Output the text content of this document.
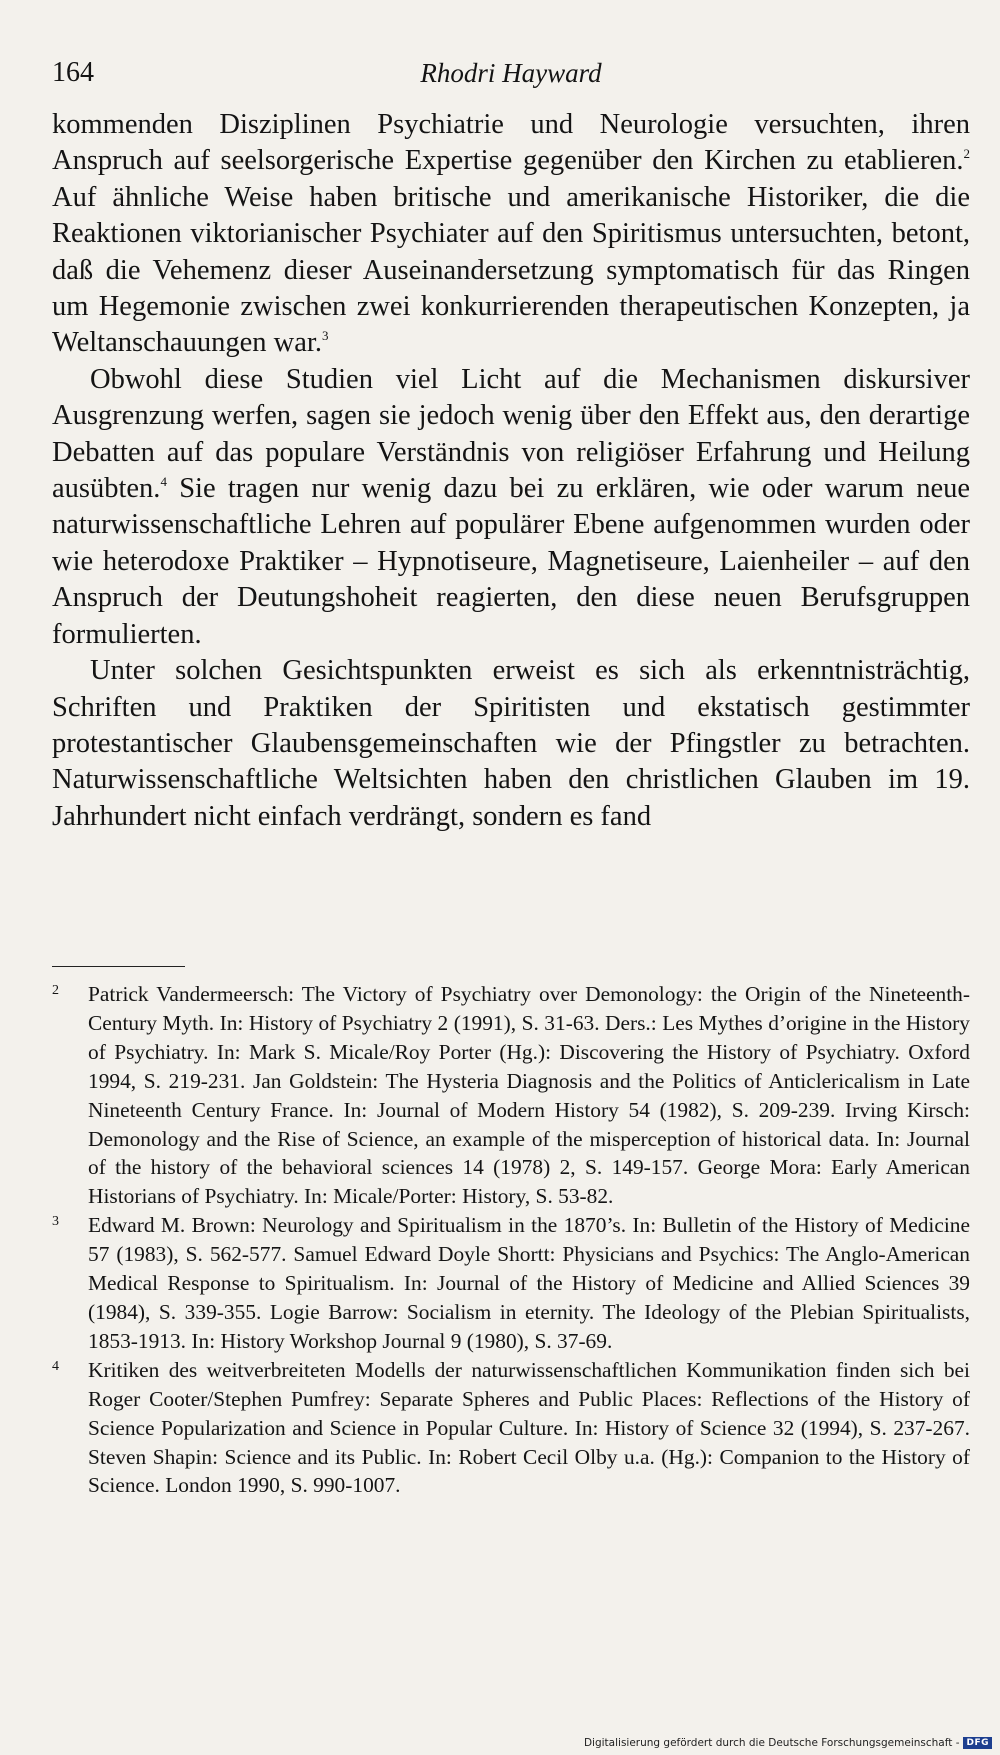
164	Rhodri Hayward

kommenden Disziplinen Psychiatrie und Neurologie versuchten, ihren Anspruch auf seelsorgerische Expertise gegenüber den Kirchen zu etablieren.$^2$ Auf ähnliche Weise haben britische und amerikanische Historiker, die die Reaktionen viktorianischer Psychiater auf den Spiritismus untersuchten, betont, daß die Vehemenz dieser Auseinandersetzung symptomatisch für das Ringen um Hegemonie zwischen zwei konkurrierenden therapeutischen Konzepten, ja Weltanschauungen war.$^3$

Obwohl diese Studien viel Licht auf die Mechanismen diskursiver Ausgrenzung werfen, sagen sie jedoch wenig über den Effekt aus, den derartige Debatten auf das populare Verständnis von religiöser Erfahrung und Heilung ausübten.$^4$ Sie tragen nur wenig dazu bei zu erklären, wie oder warum neue naturwissenschaftliche Lehren auf populärer Ebene aufgenommen wurden oder wie heterodoxe Praktiker – Hypnotiseure, Magnetiseure, Laienheiler – auf den Anspruch der Deutungshoheit reagierten, den diese neuen Berufsgruppen formulierten.

Unter solchen Gesichtspunkten erweist es sich als erkenntnisträchtig, Schriften und Praktiken der Spiritisten und ekstatisch gestimmter protestantischer Glaubensgemeinschaften wie der Pfingstler zu betrachten. Naturwissenschaftliche Weltsichten haben den christlichen Glauben im 19. Jahrhundert nicht einfach verdrängt, sondern es fand

2 Patrick Vandermeersch: The Victory of Psychiatry over Demonology: the Origin of the Nineteenth-Century Myth. In: History of Psychiatry 2 (1991), S. 31-63. Ders.: Les Mythes d’origine in the History of Psychiatry. In: Mark S. Micale/Roy Porter (Hg.): Discovering the History of Psychiatry. Oxford 1994, S. 219-231. Jan Goldstein: The Hysteria Diagnosis and the Politics of Anticlericalism in Late Nineteenth Century France. In: Journal of Modern History 54 (1982), S. 209-239. Irving Kirsch: Demonology and the Rise of Science, an example of the misperception of historical data. In: Journal of the history of the behavioral sciences 14 (1978) 2, S. 149-157. George Mora: Early American Historians of Psychiatry. In: Micale/Porter: History, S. 53-82.

3 Edward M. Brown: Neurology and Spiritualism in the 1870’s. In: Bulletin of the History of Medicine 57 (1983), S. 562-577. Samuel Edward Doyle Shortt: Physicians and Psychics: The Anglo-American Medical Response to Spiritualism. In: Journal of the History of Medicine and Allied Sciences 39 (1984), S. 339-355. Logie Barrow: Socialism in eternity. The Ideology of the Plebian Spiritualists, 1853-1913. In: History Workshop Journal 9 (1980), S. 37-69.

4 Kritiken des weitverbreiteten Modells der naturwissenschaftlichen Kommunikation finden sich bei Roger Cooter/Stephen Pumfrey: Separate Spheres and Public Places: Reflections of the History of Science Popularization and Science in Popular Culture. In: History of Science 32 (1994), S. 237-267. Steven Shapin: Science and its Public. In: Robert Cecil Olby u.a. (Hg.): Companion to the History of Science. London 1990, S. 990-1007.

Digitalisierung gefördert durch die Deutsche Forschungsgemeinschaft - DFG
